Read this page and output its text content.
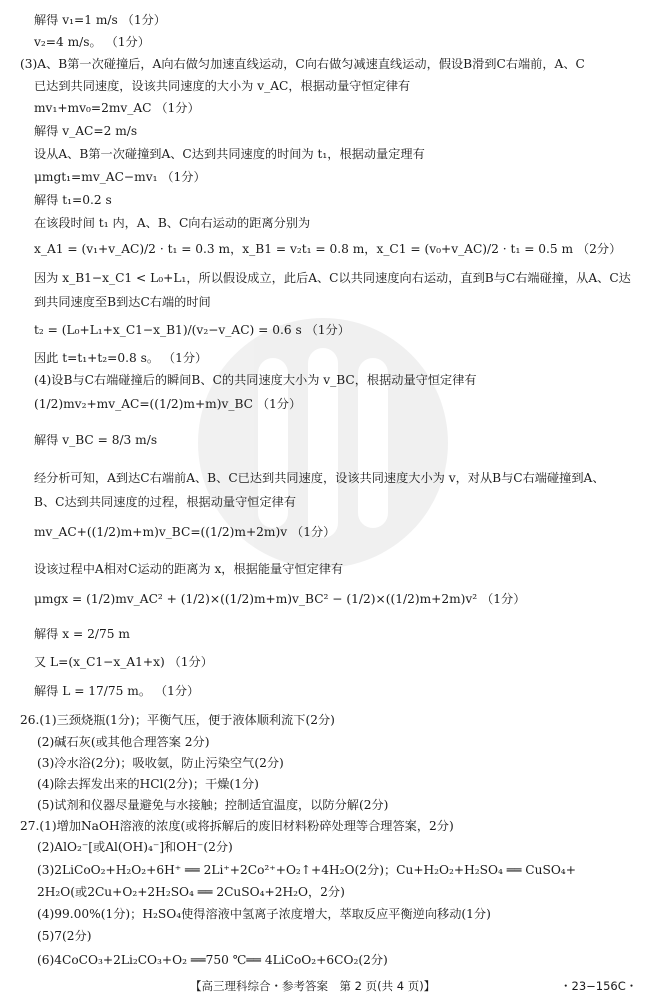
解得 v₁=1 m/s （1分）
v₂=4 m/s。 （1分）
(3)A、B第一次碰撞后，A向右做匀加速直线运动，C向右做匀减速直线运动，假设B滑到C右端前，A、C
已达到共同速度，设该共同速度的大小为 v_AC，根据动量守恒定律有
mv₁+mv₀=2mv_AC （1分）
解得 v_AC=2 m/s
设从A、B第一次碰撞到A、C达到共同速度的时间为 t₁，根据动量定理有
μmgt₁=mv_AC−mv₁ （1分）
解得 t₁=0.2 s
在该段时间 t₁ 内，A、B、C向右运动的距离分别为
x_A1 = (v₁+v_AC)/2 · t₁ = 0.3 m，x_B1 = v₂t₁ = 0.8 m，x_C1 = (v₀+v_AC)/2 · t₁ = 0.5 m （2分）
因为 x_B1−x_C1 < L₀+L₁，所以假设成立，此后A、C以共同速度向右运动，直到B与C右端碰撞，从A、C达
到共同速度至B到达C右端的时间
t₂ = (L₀+L₁+x_C1−x_B1)/(v₂−v_AC) = 0.6 s （1分）
因此 t=t₁+t₂=0.8 s。 （1分）
(4)设B与C右端碰撞后的瞬间B、C的共同速度大小为 v_BC，根据动量守恒定律有
(1/2)mv₂+mv_AC=((1/2)m+m)v_BC （1分）
解得 v_BC = 8/3 m/s
经分析可知，A到达C右端前A、B、C已达到共同速度，设该共同速度大小为 v，对从B与C右端碰撞到A、
B、C达到共同速度的过程，根据动量守恒定律有
mv_AC+((1/2)m+m)v_BC=((1/2)m+2m)v （1分）
设该过程中A相对C运动的距离为 x，根据能量守恒定律有
μmgx = (1/2)mv_AC² + (1/2)×((1/2)m+m)v_BC² − (1/2)×((1/2)m+2m)v² （1分）
解得 x = 2/75 m
又 L=(x_C1−x_A1+x) （1分）
解得 L = 17/75 m。 （1分）
26.(1)三颈烧瓶(1分)；平衡气压，便于液体顺利流下(2分)
(2)碱石灰(或其他合理答案 2分)
(3)冷水浴(2分)；吸收氨，防止污染空气(2分)
(4)除去挥发出来的HCl(2分)；干燥(1分)
(5)试剂和仪器尽量避免与水接触；控制适宜温度，以防分解(2分)
27.(1)增加NaOH溶液的浓度(或将拆解后的废旧材料粉碎处理等合理答案，2分)
(2)AlO₂⁻[或Al(OH)₄⁻]和OH⁻(2分)
(3)2LiCoO₂+H₂O₂+6H⁺ ══ 2Li⁺+2Co²⁺+O₂↑+4H₂O(2分)；Cu+H₂O₂+H₂SO₄ ══ CuSO₄+
2H₂O(或2Cu+O₂+2H₂SO₄ ══ 2CuSO₄+2H₂O，2分)
(4)99.00%(1分)；H₂SO₄使得溶液中氢离子浓度增大，萃取反应平衡逆向移动(1分)
(5)7(2分)
(6)4CoCO₃+2Li₂CO₃+O₂ ══750 ℃══ 4LiCoO₂+6CO₂(2分)
【高三理科综合・参考答案　第 2 页(共 4 页)】	・23−156C・
